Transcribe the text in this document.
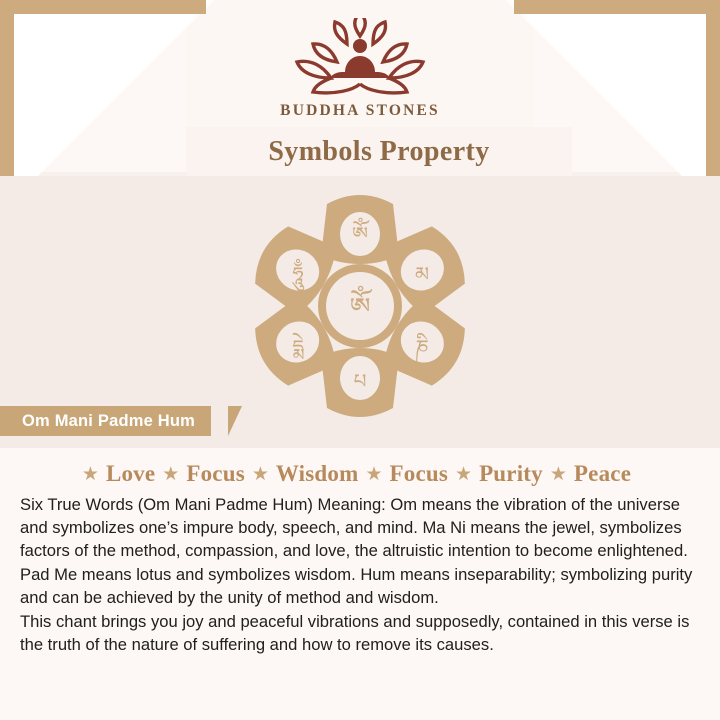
BUDDHA STONES
Symbols Property
ཨོཾ
མ
ཎི
པ
དྨེ
ཧཱུྃ
ཨོཾ
Om Mani Padme Hum
★ Love ★ Focus ★ Wisdom ★ Focus ★ Purity ★ Peace

Six True Words (Om Mani Padme Hum) Meaning: Om means the vibration of the universe and symbolizes one’s impure body, speech, and mind. Ma Ni means the jewel, symbolizes factors of the method, compassion, and love, the altruistic intention to become enlightened. Pad Me means lotus and symbolizes wisdom. Hum means inseparability; symbolizing purity and can be achieved by the unity of method and wisdom.

This chant brings you joy and peaceful vibrations and supposedly, contained in this verse is the truth of the nature of suffering and how to remove its causes.
